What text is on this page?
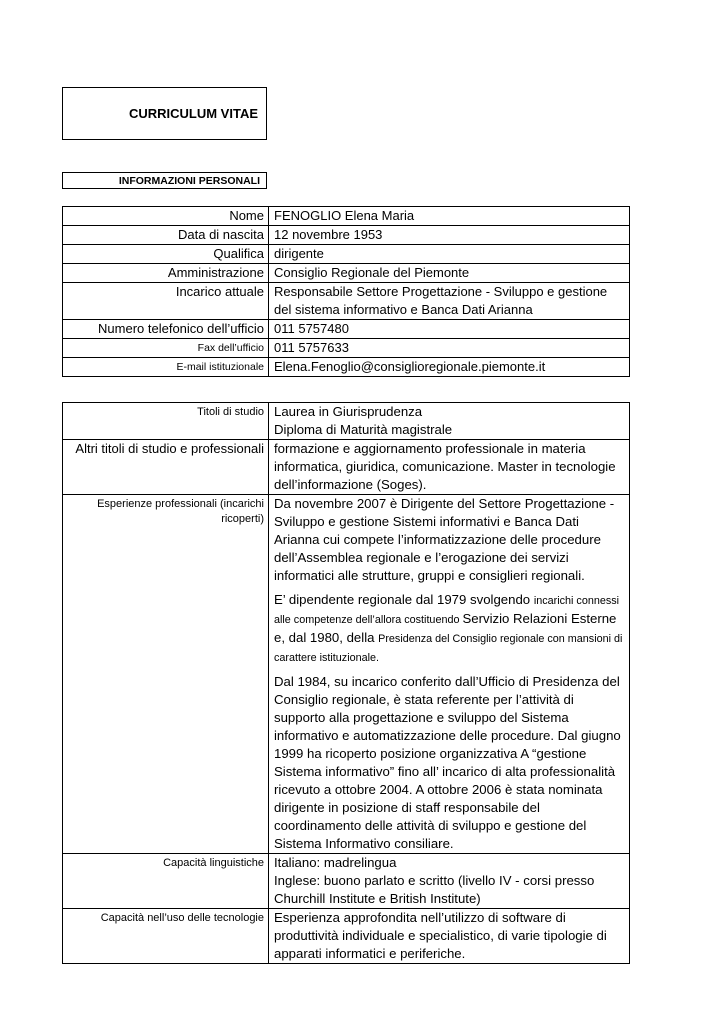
CURRICULUM VITAE
INFORMAZIONI PERSONALI
Nome	FENOGLIO Elena Maria
Data di nascita	12 novembre 1953
Qualifica	dirigente
Amministrazione	Consiglio Regionale del Piemonte
Incarico attuale	Responsabile Settore Progettazione - Sviluppo e gestione del sistema informativo e Banca Dati Arianna
Numero telefonico dell’ufficio	011 5757480
Fax dell’ufficio	011 5757633
E-mail istituzionale	Elena.Fenoglio@consiglioregionale.piemonte.it
Titoli di studio	Laurea in Giurisprudenza
Diploma di Maturità magistrale

Altri titoli di studio e professionali	formazione e aggiornamento professionale in materia informatica, giuridica, comunicazione. Master in tecnologie dell’informazione (Soges).
Esperienze professionali (incarichi ricoperti)	Da novembre 2007 è Dirigente del Settore Progettazione - Sviluppo e gestione Sistemi informativi e Banca Dati Arianna cui compete l’informatizzazione delle procedure dell’Assemblea regionale e l’erogazione dei servizi informatici alle strutture, gruppi e consiglieri regionali.

E’ dipendente regionale dal 1979 svolgendo incarichi connessi alle competenze dell’allora costituendo Servizio Relazioni Esterne e, dal 1980, della Presidenza del Consiglio regionale con mansioni di carattere istituzionale.

Dal 1984, su incarico conferito dall’Ufficio di Presidenza del Consiglio regionale, è stata referente per l’attività di supporto alla progettazione e sviluppo del Sistema informativo e automatizzazione delle procedure. Dal giugno 1999 ha ricoperto posizione organizzativa A “gestione Sistema informativo” fino all’ incarico di alta professionalità ricevuto a ottobre 2004. A ottobre 2006 è stata nominata dirigente in posizione di staff responsabile del coordinamento delle attività di sviluppo e gestione del Sistema Informativo consiliare.

Capacità linguistiche	Italiano: madrelingua
Inglese: buono parlato e scritto (livello IV - corsi presso Churchill Institute e British Institute)

Capacità nell’uso delle tecnologie	Esperienza approfondita nell’utilizzo di software di produttività individuale e specialistico, di varie tipologie di apparati informatici e periferiche.
